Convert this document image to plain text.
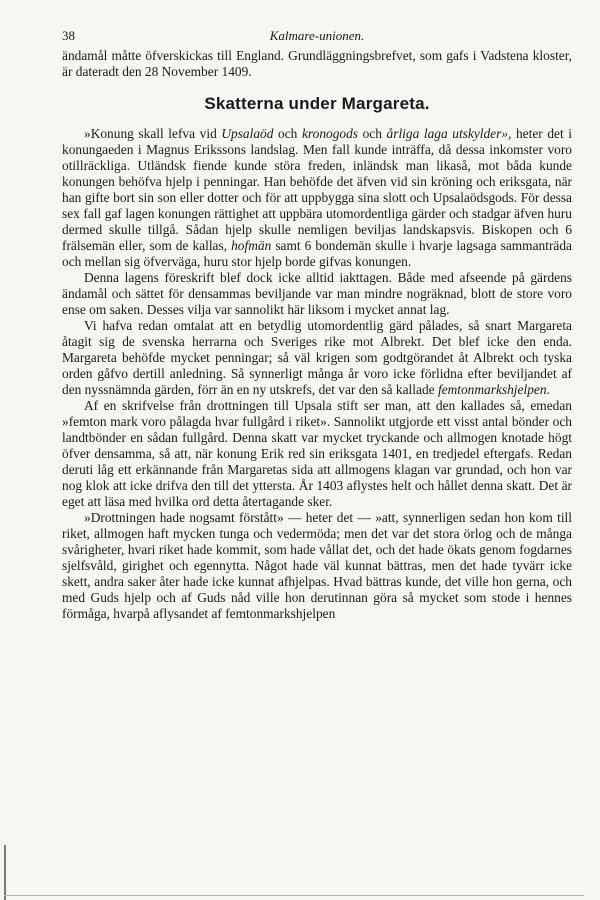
38	Kalmare-unionen.

ändamål måtte öfverskickas till England. Grundläggningsbrefvet, som gafs i Vadstena kloster, är dateradt den 28 November 1409.

Skatterna under Margareta.

»Konung skall lefva vid Upsalaöd och kronogods och årliga laga utskylder», heter det i konungaeden i Magnus Erikssons landslag. Men fall kunde inträffa, då dessa inkomster voro otillräckliga. Utländsk fiende kunde störa freden, inländsk man likaså, mot båda kunde konungen behöfva hjelp i penningar. Han behöfde det äfven vid sin kröning och eriksgata, när han gifte bort sin son eller dotter och för att uppbygga sina slott och Upsalaödsgods. För dessa sex fall gaf lagen konungen rättighet att uppbära utomordentliga gärder och stadgar äfven huru dermed skulle tillgå. Sådan hjelp skulle nemligen beviljas landskapsvis. Biskopen och 6 frälsemän eller, som de kallas, hofmän samt 6 bondemän skulle i hvarje lagsaga sammanträda och mellan sig öfverväga, huru stor hjelp borde gifvas konungen.

Denna lagens föreskrift blef dock icke alltid iakttagen. Både med afseende på gärdens ändamål och sättet för densammas beviljande var man mindre nogräknad, blott de store voro ense om saken. Desses vilja var sannolikt här liksom i mycket annat lag.

Vi hafva redan omtalat att en betydlig utomordentlig gärd pålades, så snart Margareta åtagit sig de svenska herrarna och Sveriges rike mot Albrekt. Det blef icke den enda. Margareta behöfde mycket penningar; så väl krigen som godtgörandet åt Albrekt och tyska orden gåfvo dertill anledning. Så synnerligt många år voro icke förlidna efter beviljandet af den nyssnämnda gärden, förr än en ny utskrefs, det var den så kallade femtonmarkshjelpen.

Af en skrifvelse från drottningen till Upsala stift ser man, att den kallades så, emedan »femton mark voro pålagda hvar fullgård i riket». Sannolikt utgjorde ett visst antal bönder och landtbönder en sådan fullgård. Denna skatt var mycket tryckande och allmogen knotade högt öfver densamma, så att, när konung Erik red sin eriksgata 1401, en tredjedel eftergafs. Redan deruti låg ett erkännande från Margaretas sida att allmogens klagan var grundad, och hon var nog klok att icke drifva den till det yttersta. År 1403 aflystes helt och hållet denna skatt. Det är eget att läsa med hvilka ord detta återtagande sker.

»Drottningen hade nogsamt förstått» — heter det — »att, synnerligen sedan hon kom till riket, allmogen haft mycken tunga och vedermöda; men det var det stora örlog och de många svårigheter, hvari riket hade kommit, som hade vållat det, och det hade ökats genom fogdarnes sjelfsvåld, girighet och egennytta. Något hade väl kunnat bättras, men det hade tyvärr icke skett, andra saker åter hade icke kunnat afhjelpas. Hvad bättras kunde, det ville hon gerna, och med Guds hjelp och af Guds nåd ville hon derutinnan göra så mycket som stode i hennes förmåga, hvarpå aflysandet af femtonmarkshjelpen
